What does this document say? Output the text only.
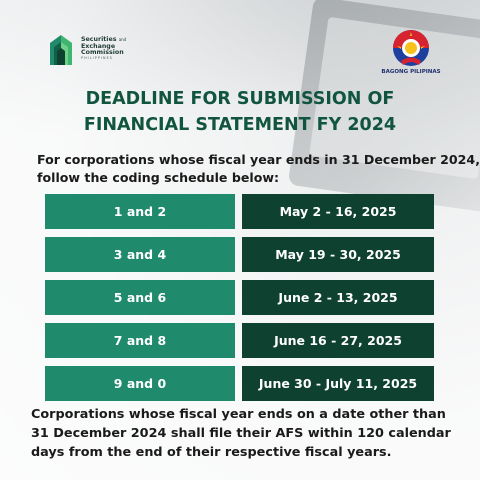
Securities and
Exchange
Commission
PHILIPPINES
BAGONG PILIPINAS
DEADLINE FOR SUBMISSION OF
FINANCIAL STATEMENT FY 2024
For corporations whose fiscal year ends in 31 December 2024,
follow the coding schedule below:
1 and 2	May 2 - 16, 2025
3 and 4	May 19 - 30, 2025
5 and 6	June 2 - 13, 2025
7 and 8	June 16 - 27, 2025
9 and 0	June 30 - July 11, 2025
Corporations whose fiscal year ends on a date other than
31 December 2024 shall file their AFS within 120 calendar
days from the end of their respective fiscal years.
